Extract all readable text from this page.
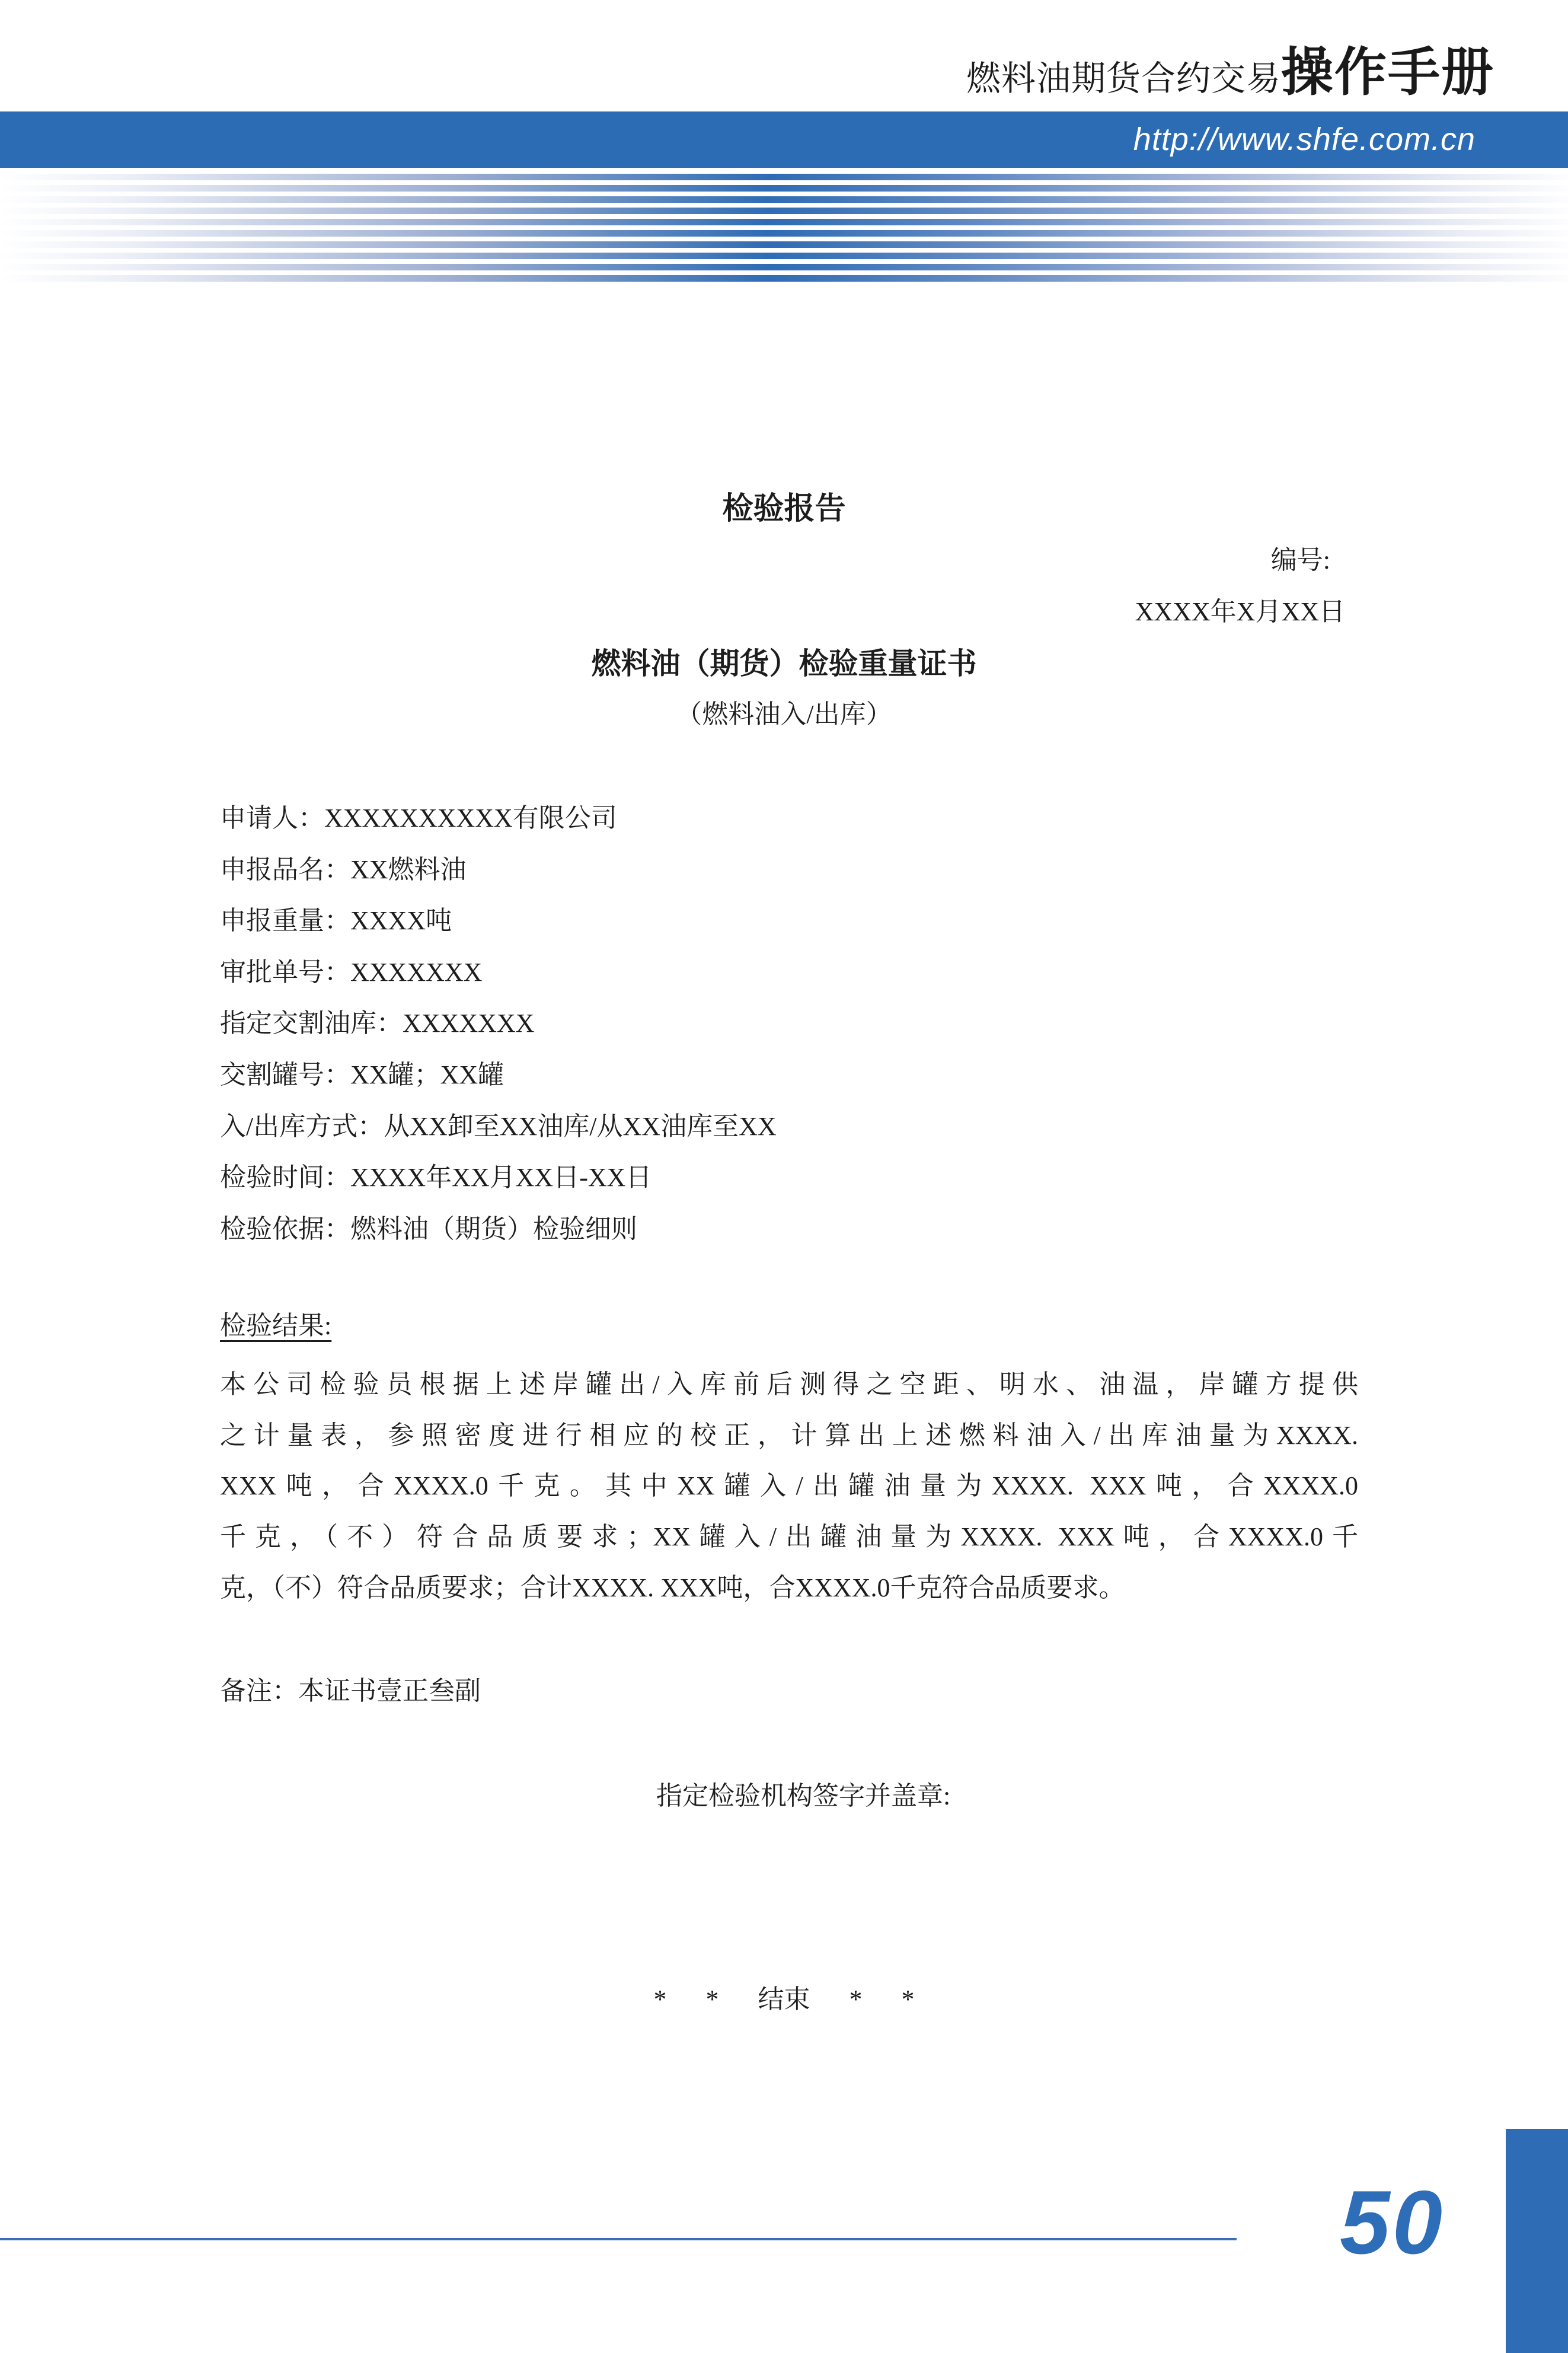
燃料油期货合约交易 操作手册
http://www.shfe.com.cn
检验报告
编号:
XXXX年X月XX日
燃料油（期货）检验重量证书
（燃料油入/出库）
申请人：XXXXXXXXXX有限公司
申报品名：XX燃料油
申报重量：XXXX吨
审批单号：XXXXXXX
指定交割油库：XXXXXXX
交割罐号：XX罐；XX罐
入/出库方式：从XX卸至XX油库/从XX油库至XX
检验时间：XXXX年XX月XX日-XX日
检验依据：燃料油（期货）检验细则
检验结果:
本公司检验员根据上述岸罐出/入库前后测得之空距、明水、油温，岸罐方提供
之计量表，参照密度进行相应的校正，计算出上述燃料油入/出库油量为XXXX.
XXX吨，合XXXX.0千克。其中XX罐入/出罐油量为XXXX. XXX吨，合XXXX.0
千克，（不）符合品质要求；XX罐入/出罐油量为XXXX. XXX吨，合XXXX.0千
克，（不）符合品质要求；合计XXXX. XXX吨，合XXXX.0千克符合品质要求。
备注：本证书壹正叁副
指定检验机构签字并盖章:
*      *      结束      *      *
50
